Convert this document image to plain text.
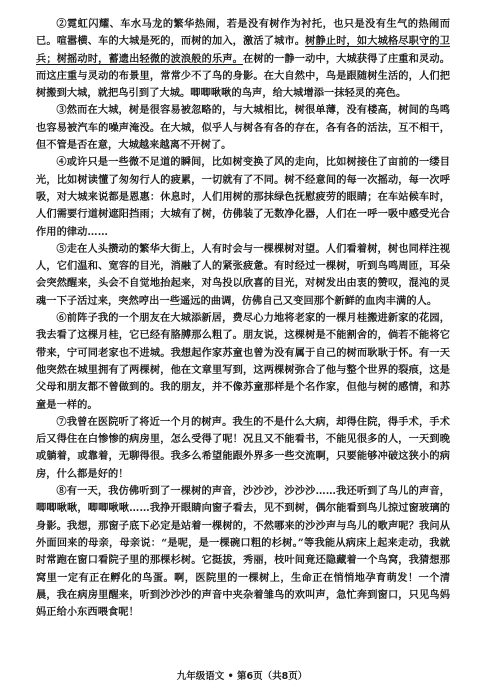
②霓虹闪耀、车水马龙的繁华热闹，若是没有树作为衬托，也只是没有生气的热闹而已。喧嚣横、车的大城是死的，而树的加入，激活了城市。树静止时，如大城格尽职守的卫兵；树摇动时，蓄遗出轻微的波浪般的乐声。在树的一静一动中，大城获得了庄重和灵动。而这庄重与灵动的布景里，常常少不了鸟的身影。在大自然中，鸟是跟随树生活的，人们把树搬到大城，就把鸟引到了大城。唧唧啾啾的鸟声，给大城增添一抹轻灵的亮色。

③然而在大城，树是很容易被忽略的，与大城相比，树很单薄，没有楼高，树间的鸟鸣也容易被汽车的噪声淹没。在大城，似乎人与树各有各的存在，各有各的活法，互不相干，但不管是否在意，大城越来越离不开树了。

④或许只是一些微不足道的瞬间，比如树变换了风的走向，比如树接住了亩前的一缕目光，比如树读懂了匆匆行人的疲累，一切就有了不同。树不经意间的每一次摇动，每一次呼吸，对大城来说都是恩惠：休息时，人们用树的那抹绿色抚慰疲劳的眼睛；在车站候车时，人们需要行道树遮阳挡雨；大城有了树，仿佛装了无数净化器，人们在一呼一吸中感受光合作用的律动……

⑤走在人头攒动的繁华大街上，人有时会与一棵棵树对望。人们看着树，树也同样注视人，它们温和、宽容的目光，消融了人的紧张疲惫。有时经过一棵树，听到鸟鸣周匝，耳朵会突然醒来，头会不自觉地抬起来，对鸟投以欣喜的目光，对树发出由衷的赞叹，混沌的灵魂一下子活过来，突然哼出一些遥远的曲调，仿佛自己又变回那个新鲜的血肉丰满的人。

⑥前阵子我的一个朋友在大城添新居，费尽心力地将老家的一棵月桂搬进新家的花园，我去看了这棵月桂，它已经有胳膊那么粗了。朋友说，这棵树是不能割舍的，倘若不能将它带来，宁可同老家也不进城。我想起作家苏童也曾为没有属于自己的树而耿耿于怀。有一天他突然在城里拥有了两棵树，他在文章里写到，这两棵树弥合了他与整个世界的裂痕，这是父母和朋友都不曾做到的。我的朋友，并不像苏童那样是个名作家，但他与树的感情，和苏童是一样的。

⑦我曾在医院听了将近一个月的树声。我生的不是什么大病，却得住院，得手术，手术后又得住在白惨惨的病房里，怎么受得了呢！况且又不能看书，不能见很多的人，一天到晚或躺着，或靠着，无聊得很。我多么希望能跟外界多一些交流啊，只要能够冲破这狭小的病房，什么都是好的！

⑧有一天，我仿佛听到了一棵树的声音，沙沙沙，沙沙沙……我还听到了鸟儿的声音，唧唧啾啾，唧唧啾啾……我挣开眼睛向窗子看去，见不到树，偶尔能看到鸟儿掠过窗玻璃的身影。我想，那窗子底下必定是站着一棵树的，不然哪来的沙沙声与鸟儿的歌声呢？我问从外面回来的母亲，母亲说：“是呢，是一棵碗口粗的杉树。”等我能从病床上起来走动，我就时常跑在窗口看院子里的那棵杉树。它挺拔，秀丽，枝叶间竟还隐藏着一个鸟窝，我猜想那窝里一定有正在孵化的鸟蛋。啊，医院里的一棵树上，生命正在悄悄地孕育萌发！一个清晨，我在病房里醒来，听到沙沙沙的声音中夹杂着雏鸟的欢叫声，急忙奔到窗口，只见鸟妈妈正给小东西喂食呢！

九年级语文 • 第6页（共8页）
